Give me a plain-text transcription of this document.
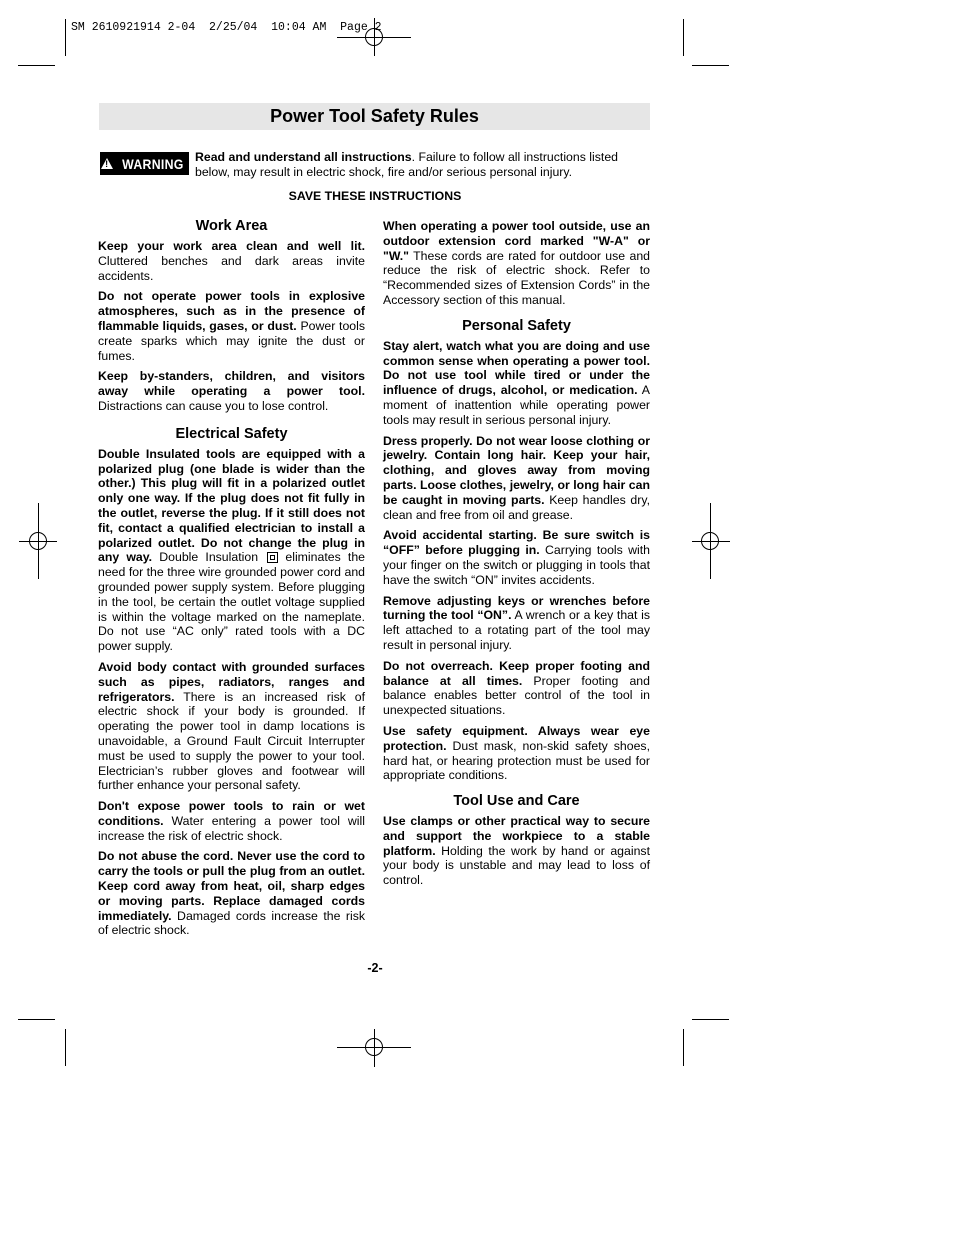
SM 2610921914 2-04  2/25/04  10:04 AM  Page 2
Power Tool Safety Rules
!
WARNING Read and understand all instructions. Failure to follow all instructions listed below, may result in electric shock, fire and/or serious personal injury.
SAVE THESE INSTRUCTIONS
Work Area

Keep your work area clean and well lit. Cluttered benches and dark areas invite accidents.

Do not operate power tools in explosive atmospheres, such as in the presence of flammable liquids, gases, or dust. Power tools create sparks which may ignite the dust or fumes.

Keep by-standers, children, and visitors away while operating a power tool. Distractions can cause you to lose control.

Electrical Safety

Double Insulated tools are equipped with a polarized plug (one blade is wider than the other.) This plug will fit in a polarized outlet only one way. If the plug does not fit fully in the outlet, reverse the plug. If it still does not fit, contact a qualified electrician to install a polarized outlet. Do not change the plug in any way. Double Insulation  eliminates the need for the three wire grounded power cord and grounded power supply system. Before plugging in the tool, be certain the outlet voltage supplied is within the voltage marked on the nameplate. Do not use “AC only” rated tools with a DC power supply.

Avoid body contact with grounded surfaces such as pipes, radiators, ranges and refrigerators. There is an increased risk of electric shock if your body is grounded. If operating the power tool in damp locations is unavoidable, a Ground Fault Circuit Interrupter must be used to supply the power to your tool. Electrician’s rubber gloves and footwear will further enhance your personal safety.

Don't expose power tools to rain or wet conditions. Water entering a power tool will increase the risk of electric shock.

Do not abuse the cord. Never use the cord to carry the tools or pull the plug from an outlet. Keep cord away from heat, oil, sharp edges or moving parts. Replace damaged cords immediately. Damaged cords increase the risk of electric shock.

When operating a power tool outside, use an outdoor extension cord marked "W-A" or "W." These cords are rated for outdoor use and reduce the risk of electric shock. Refer to “Recommended sizes of Extension Cords” in the Accessory section of this manual.

Personal Safety

Stay alert, watch what you are doing and use common sense when operating a power tool. Do not use tool while tired or under the influence of drugs, alcohol, or medication. A moment of inattention while operating power tools may result in serious personal injury.

Dress properly. Do not wear loose clothing or jewelry. Contain long hair. Keep your hair, clothing, and gloves away from moving parts. Loose clothes, jewelry, or long hair can be caught in moving parts. Keep handles dry, clean and free from oil and grease.

Avoid accidental starting. Be sure switch is “OFF” before plugging in. Carrying tools with your finger on the switch or plugging in tools that have the switch “ON” invites accidents.

Remove adjusting keys or wrenches before turning the tool “ON”. A wrench or a key that is left attached to a rotating part of the tool may result in personal injury.

Do not overreach. Keep proper footing and balance at all times. Proper footing and balance enables better control of the tool in unexpected situations.

Use safety equipment. Always wear eye protection. Dust mask, non-skid safety shoes, hard hat, or hearing protection must be used for appropriate conditions.

Tool Use and Care

Use clamps or other practical way to secure and support the workpiece to a stable platform. Holding the work by hand or against your body is unstable and may lead to loss of control.

-2-
